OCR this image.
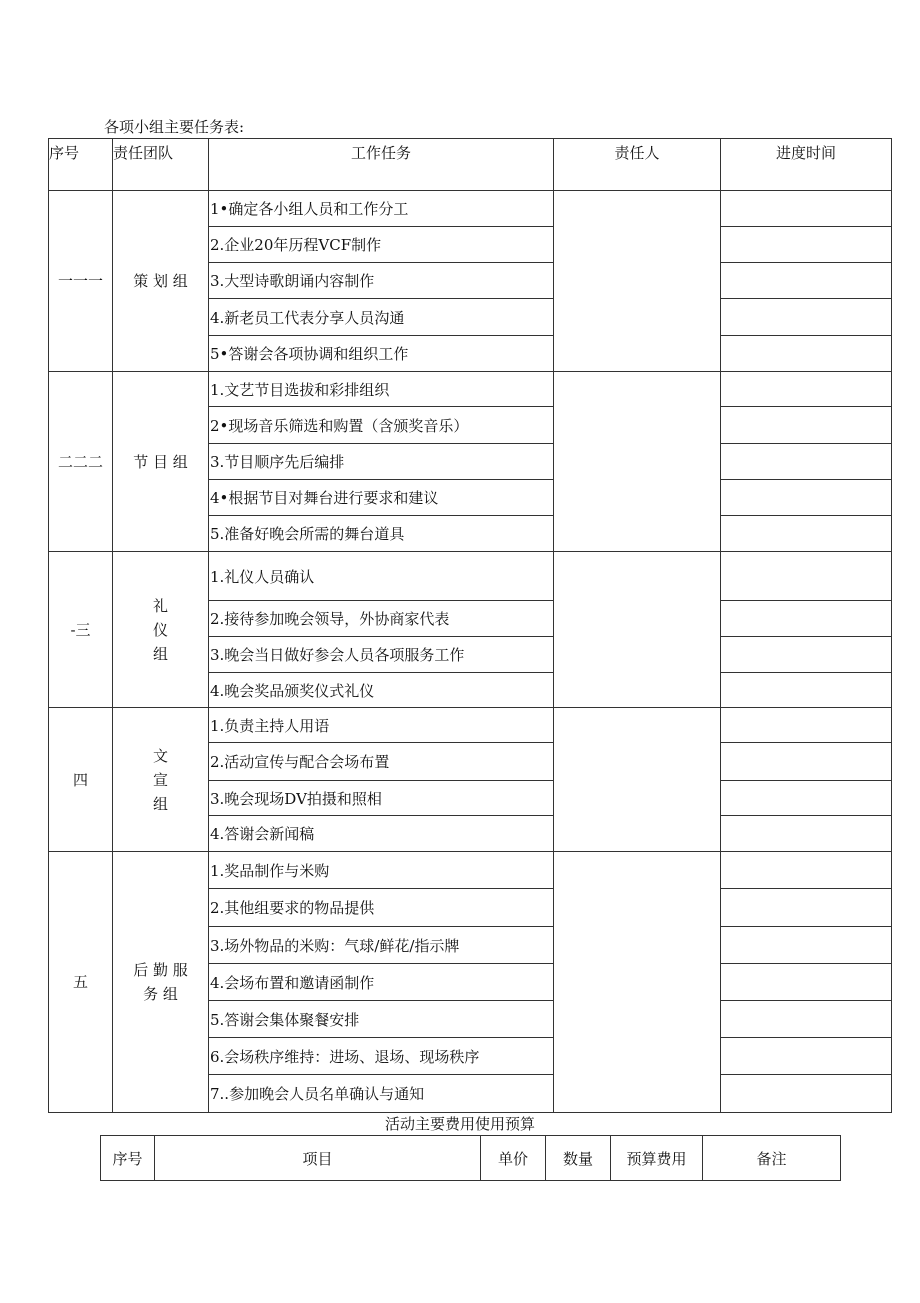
各项小组主要任务表:
序号	责任团队	工作任务	责任人	进度时间
一一一	策 划 组	1•确定各小组人员和工作分工		
		2.企业20年历程VCF制作		
		3.大型诗歌朗诵内容制作		
		4.新老员工代表分享人员沟通		
		5•答谢会各项协调和组织工作		
二二二	节 目 组	1.文艺节目选拔和彩排组织		
		2•现场音乐筛选和购置（含颁奖音乐）		
		3.节目顺序先后编排		
		4•根据节目对舞台进行要求和建议		
		5.准备好晚会所需的舞台道具		
-三	礼
仪
组	1.礼仪人员确认		
		2.接待参加晚会领导，外协商家代表		
		3.晚会当日做好参会人员各项服务工作		
		4.晚会奖品颁奖仪式礼仪		
四	文
宣
组	1.负责主持人用语		
		2.活动宣传与配合会场布置		
		3.晚会现场DV拍摄和照相		
		4.答谢会新闻稿		
五	后 勤 服
务 组	1.奖品制作与米购		
		2.其他组要求的物品提供		
		3.场外物品的米购：气球/鲜花/指示牌		
		4.会场布置和邀请函制作		
		5.答谢会集体聚餐安排		
		6.会场秩序维持：进场、退场、现场秩序		
		7..参加晚会人员名单确认与通知		
活动主要费用使用预算
序号	项目	单价	数量	预算费用	备注
